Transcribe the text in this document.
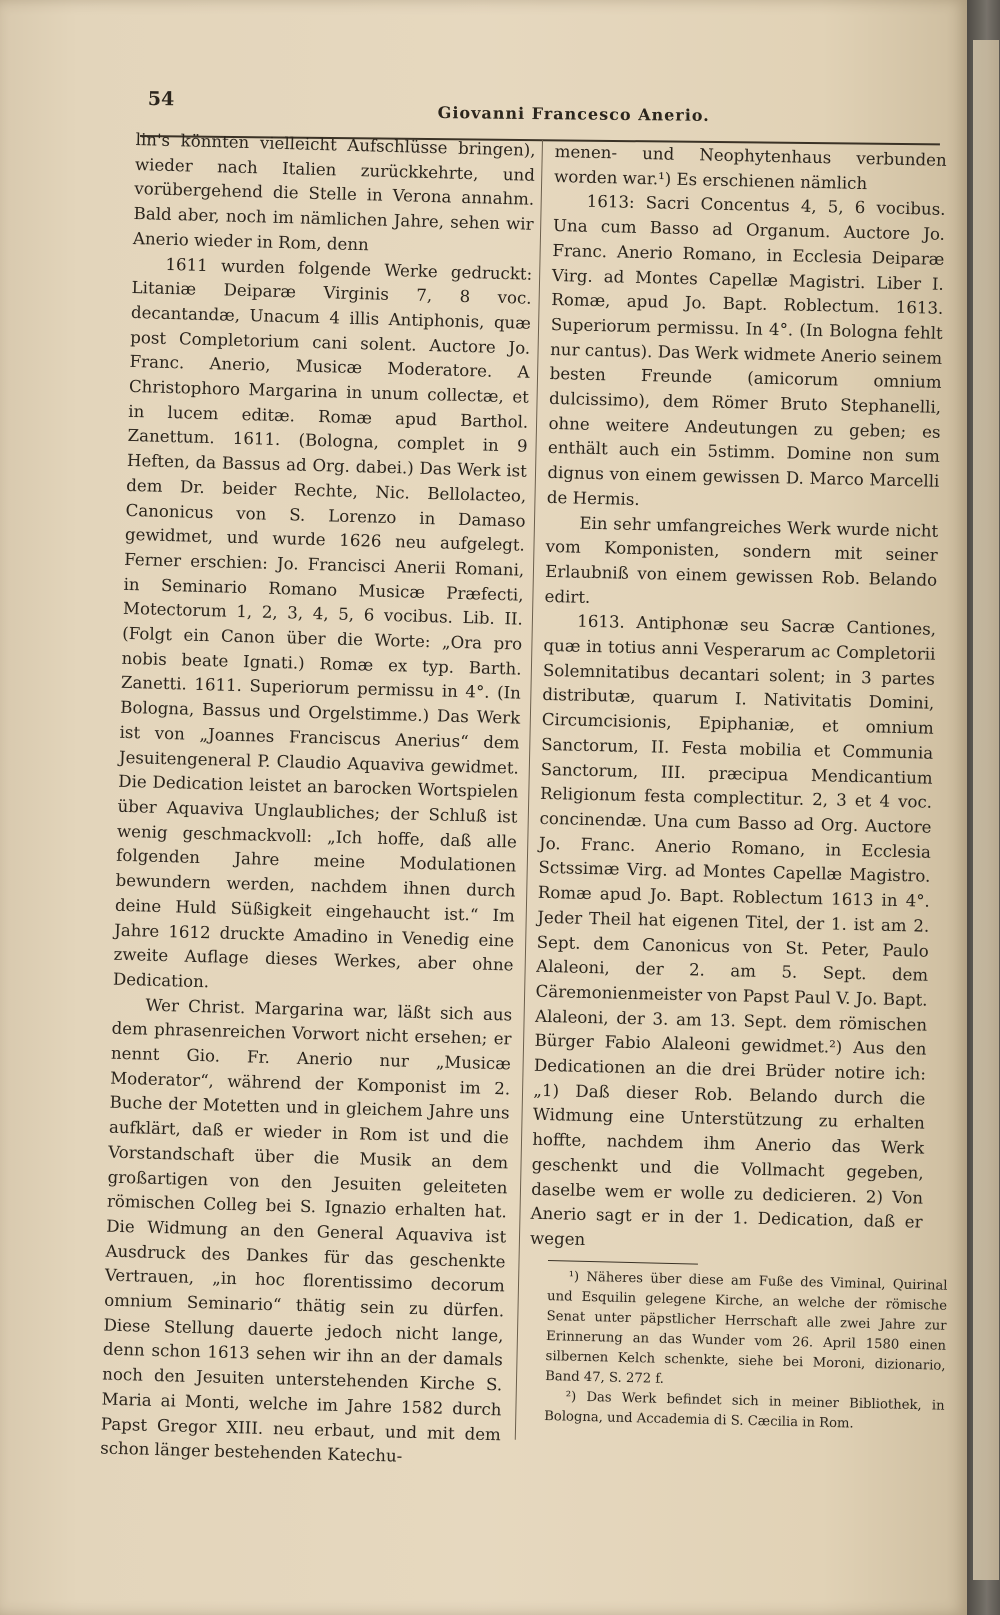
54
Giovanni Francesco Anerio.

lin's könnten vielleicht Aufschlüsse bringen), wieder nach Italien zurückkehrte, und vorübergehend die Stelle in Verona annahm. Bald aber, noch im nämlichen Jahre, sehen wir Anerio wieder in Rom, denn

1611 wurden folgende Werke gedruckt: Litaniæ Deiparæ Virginis 7, 8 voc. decantandæ, Unacum 4 illis Antiphonis, quæ post Completorium cani solent. Auctore Jo. Franc. Anerio, Musicæ Moderatore. A Christophoro Margarina in unum collectæ, et in lucem editæ. Romæ apud Barthol. Zanettum. 1611. (Bologna, complet in 9 Heften, da Bassus ad Org. dabei.) Das Werk ist dem Dr. beider Rechte, Nic. Bellolacteo, Canonicus von S. Lorenzo in Damaso gewidmet, und wurde 1626 neu aufgelegt. Ferner erschien: Jo. Francisci Anerii Romani, in Seminario Romano Musicæ Præfecti, Motectorum 1, 2, 3, 4, 5, 6 vocibus. Lib. II. (Folgt ein Canon über die Worte: „Ora pro nobis beate Ignati.) Romæ ex typ. Barth. Zanetti. 1611. Superiorum permissu in 4°. (In Bologna, Bassus und Orgelstimme.) Das Werk ist von „Joannes Franciscus Anerius“ dem Jesuitengeneral P. Claudio Aquaviva gewidmet. Die Dedication leistet an barocken Wortspielen über Aquaviva Unglaubliches; der Schluß ist wenig geschmackvoll: „Ich hoffe, daß alle folgenden Jahre meine Modulationen bewundern werden, nachdem ihnen durch deine Huld Süßigkeit eingehaucht ist.“ Im Jahre 1612 druckte Amadino in Venedig eine zweite Auflage dieses Werkes, aber ohne Dedication.

Wer Christ. Margarina war, läßt sich aus dem phrasenreichen Vorwort nicht ersehen; er nennt Gio. Fr. Anerio nur „Musicæ Moderator“, während der Komponist im 2. Buche der Motetten und in gleichem Jahre uns aufklärt, daß er wieder in Rom ist und die Vorstandschaft über die Musik an dem großartigen von den Jesuiten geleiteten römischen Colleg bei S. Ignazio erhalten hat. Die Widmung an den General Aquaviva ist Ausdruck des Dankes für das geschenkte Vertrauen, „in hoc florentissimo decorum omnium Seminario“ thätig sein zu dürfen. Diese Stellung dauerte jedoch nicht lange, denn schon 1613 sehen wir ihn an der damals noch den Jesuiten unterstehenden Kirche S. Maria ai Monti, welche im Jahre 1582 durch Papst Gregor XIII. neu erbaut, und mit dem schon länger bestehenden Katechu-

menen- und Neophytenhaus verbunden worden war.¹) Es erschienen nämlich

1613: Sacri Concentus 4, 5, 6 vocibus. Una cum Basso ad Organum. Auctore Jo. Franc. Anerio Romano, in Ecclesia Deiparæ Virg. ad Montes Capellæ Magistri. Liber I. Romæ, apud Jo. Bapt. Roblectum. 1613. Superiorum permissu. In 4°. (In Bologna fehlt nur cantus). Das Werk widmete Anerio seinem besten Freunde (amicorum omnium dulcissimo), dem Römer Bruto Stephanelli, ohne weitere Andeutungen zu geben; es enthält auch ein 5stimm. Domine non sum dignus von einem gewissen D. Marco Marcelli de Hermis.

Ein sehr umfangreiches Werk wurde nicht vom Komponisten, sondern mit seiner Erlaubniß von einem gewissen Rob. Belando edirt.

1613. Antiphonæ seu Sacræ Cantiones, quæ in totius anni Vesperarum ac Completorii Solemnitatibus decantari solent; in 3 partes distributæ, quarum I. Nativitatis Domini, Circumcisionis, Epiphaniæ, et omnium Sanctorum, II. Festa mobilia et Communia Sanctorum, III. præcipua Mendicantium Religionum festa complectitur. 2, 3 et 4 voc. concinendæ. Una cum Basso ad Org. Auctore Jo. Franc. Anerio Romano, in Ecclesia Sctssimæ Virg. ad Montes Capellæ Magistro. Romæ apud Jo. Bapt. Roblectum 1613 in 4°. Jeder Theil hat eigenen Titel, der 1. ist am 2. Sept. dem Canonicus von St. Peter, Paulo Alaleoni, der 2. am 5. Sept. dem Cäremonienmeister von Papst Paul V. Jo. Bapt. Alaleoni, der 3. am 13. Sept. dem römischen Bürger Fabio Alaleoni gewidmet.²) Aus den Dedicationen an die drei Brüder notire ich: „1) Daß dieser Rob. Belando durch die Widmung eine Unterstützung zu erhalten hoffte, nachdem ihm Anerio das Werk geschenkt und die Vollmacht gegeben, daselbe wem er wolle zu dedicieren. 2) Von Anerio sagt er in der 1. Dedication, daß er wegen

¹) Näheres über diese am Fuße des Viminal, Quirinal und Esquilin gelegene Kirche, an welche der römische Senat unter päpstlicher Herrschaft alle zwei Jahre zur Erinnerung an das Wunder vom 26. April 1580 einen silbernen Kelch schenkte, siehe bei Moroni, dizionario, Band 47, S. 272 f.

²) Das Werk befindet sich in meiner Bibliothek, in Bologna, und Accademia di S. Cæcilia in Rom.
